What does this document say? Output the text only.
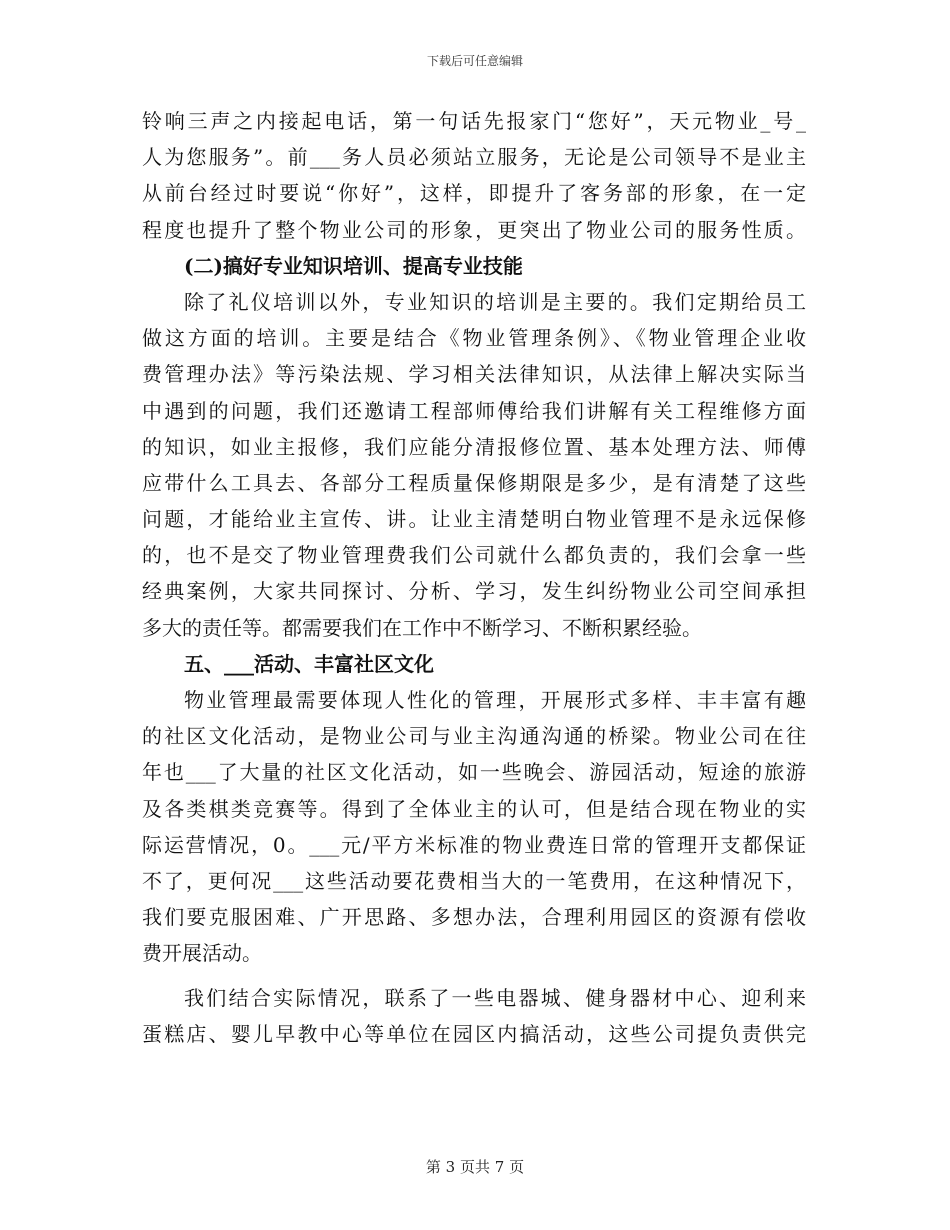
下载后可任意编辑
铃响三声之内接起电话，第一句话先报家门“您好”，天元物业_号_
人为您服务”。前___务人员必须站立服务，无论是公司领导不是业主
从前台经过时要说“你好”，这样，即提升了客务部的形象，在一定
程度也提升了整个物业公司的形象，更突出了物业公司的服务性质。
(二)搞好专业知识培训、提高专业技能
除了礼仪培训以外，专业知识的培训是主要的。我们定期给员工
做这方面的培训。主要是结合《物业管理条例》、《物业管理企业收
费管理办法》等污染法规、学习相关法律知识，从法律上解决实际当
中遇到的问题，我们还邀请工程部师傅给我们讲解有关工程维修方面
的知识，如业主报修，我们应能分清报修位置、基本处理方法、师傅
应带什么工具去、各部分工程质量保修期限是多少，是有清楚了这些
问题，才能给业主宣传、讲。让业主清楚明白物业管理不是永远保修
的，也不是交了物业管理费我们公司就什么都负责的，我们会拿一些
经典案例，大家共同探讨、分析、学习，发生纠纷物业公司空间承担
多大的责任等。都需要我们在工作中不断学习、不断积累经验。
五、___活动、丰富社区文化
物业管理最需要体现人性化的管理，开展形式多样、丰丰富有趣
的社区文化活动，是物业公司与业主沟通沟通的桥梁。物业公司在往
年也___了大量的社区文化活动，如一些晚会、游园活动，短途的旅游
及各类棋类竞赛等。得到了全体业主的认可，但是结合现在物业的实
际运营情况，0。___元/平方米标准的物业费连日常的管理开支都保证
不了，更何况___这些活动要花费相当大的一笔费用，在这种情况下，
我们要克服困难、广开思路、多想办法，合理利用园区的资源有偿收
费开展活动。
我们结合实际情况，联系了一些电器城、健身器材中心、迎利来
蛋糕店、婴儿早教中心等单位在园区内搞活动，这些公司提负责供完
第 3 页共 7 页
